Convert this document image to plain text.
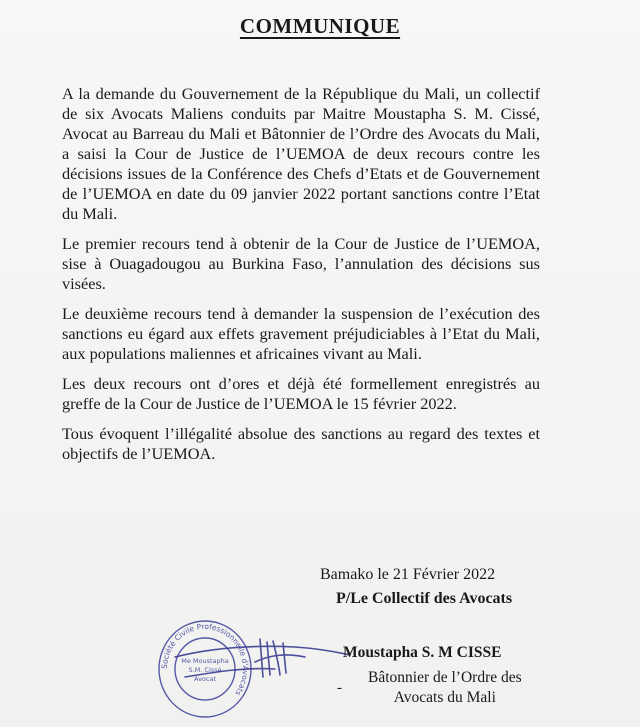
COMMUNIQUE

A la demande du Gouvernement de la République du Mali, un collectif de six Avocats Maliens conduits par Maitre Moustapha S. M. Cissé, Avocat au Barreau du Mali et Bâtonnier de l’Ordre des Avocats du Mali, a saisi la Cour de Justice de l’UEMOA de deux recours contre les décisions issues de la Conférence des Chefs d’Etats et de Gouvernement de l’UEMOA en date du 09 janvier 2022 portant sanctions contre l’Etat du Mali.

Le premier recours tend à obtenir de la Cour de Justice de l’UEMOA, sise à Ouagadougou au Burkina Faso, l’annulation des décisions sus visées.

Le deuxième recours tend à demander la suspension de l’exécution des sanctions eu égard aux effets gravement préjudiciables à l’Etat du Mali, aux populations maliennes et africaines vivant au Mali.

Les deux recours ont d’ores et déjà été formellement enregistrés au greffe de la Cour de Justice de l’UEMOA le 15 février 2022.

Tous évoquent l’illégalité absolue des sanctions au regard des textes et objectifs de l’UEMOA.

Bamako le 21 Février 2022
P/Le Collectif des Avocats
Société Civile Professionnelle d'Avocats
Me Moustapha
S.M. Cissé
Avocat
Moustapha S. M CISSE
-
Bâtonnier de l’Ordre des
Avocats du Mali
